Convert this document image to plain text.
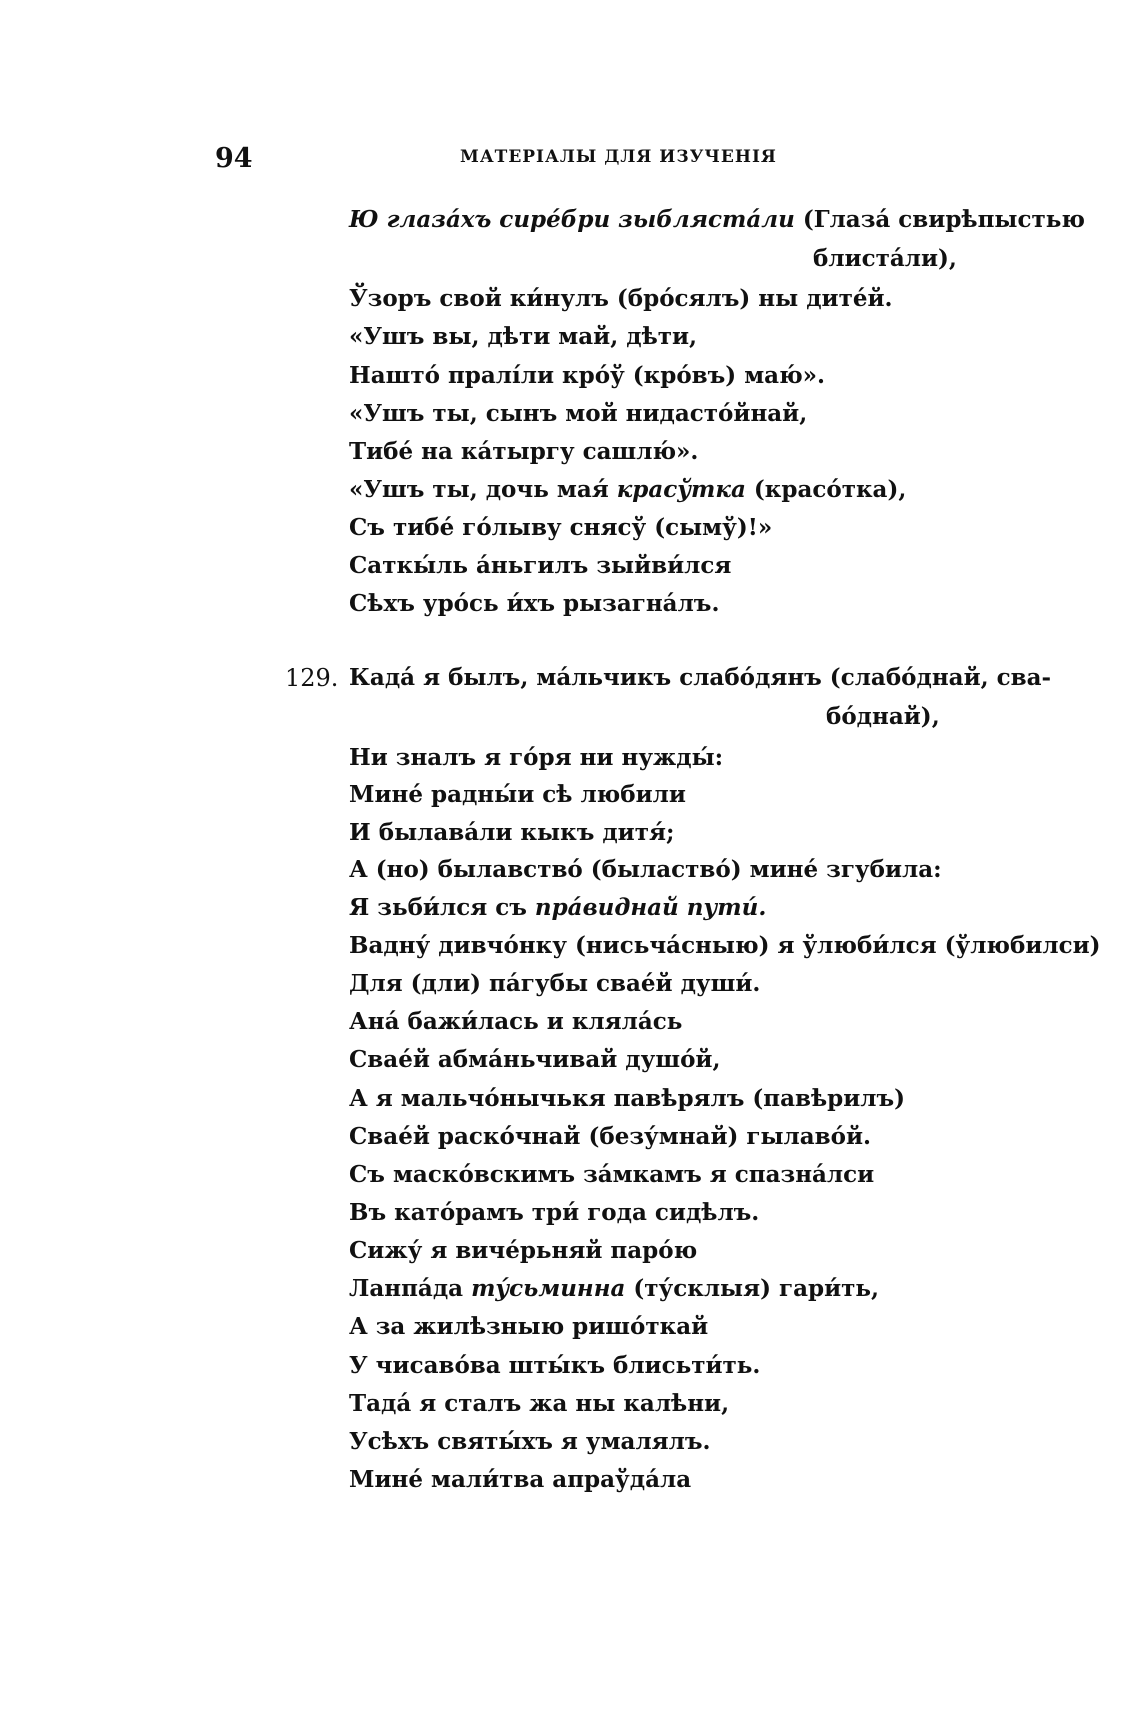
94	МАТЕРІАЛЫ ДЛЯ ИЗУЧЕНІЯ
Ю глазáхъ сирéбри зыблястáли (Глазá свирѣпыстью
блистáли),
Ўзоръ свой ки́нулъ (брóсялъ) ны дитéй.
«Ушъ вы, дѣти май, дѣти,
Наштó пралíли крóў (крóвъ) маю́».
«Ушъ ты, сынъ мой нидастóйнай,
Тибé на кáтыргу сашлю́».
«Ушъ ты, дочь мая́ красўтка (красóтка),
Съ тибé гóлыву снясў (сымў)!»
Саткы́ль áньгилъ зыйви́лся
Сѣхъ урóсь и́хъ рызагнáлъ.
129. Кадá я былъ, мáльчикъ слабóдянъ (слабóднай, сва-
бóднай),
Ни зналъ я гóря ни нужды́:
Минé радны́и сѣ любили
И былавáли кыкъ дитя́;
А (но) былавствó (быластвó) минé згубила:
Я зьби́лся съ прáвиднай пути́.
Вадну́ дивчóнку (нисьчáсныю) я ўлюби́лся (ўлюбилси)
Для (дли) пáгубы сваéй души́.
Анá бажи́лась и клялáсь
Сваéй абмáньчивай душóй,
А я мальчóнычькя павѣрялъ (павѣрилъ)
Сваéй раскóчнай (безу́мнай) гылавóй.
Съ маскóвскимъ зáмкамъ я спазнáлси
Въ катóрамъ три́ года сидѣлъ.
Сижу́ я вичéрьняй парóю
Ланпáда ту́сьминна (ту́склыя) гари́ть,
А за жилѣзныю ришóткай
У чисавóва шты́къ блисьти́ть.
Тадá я сталъ жа ны калѣни,
Усѣхъ святы́хъ я умалялъ.
Минé мали́тва апраўдáла
